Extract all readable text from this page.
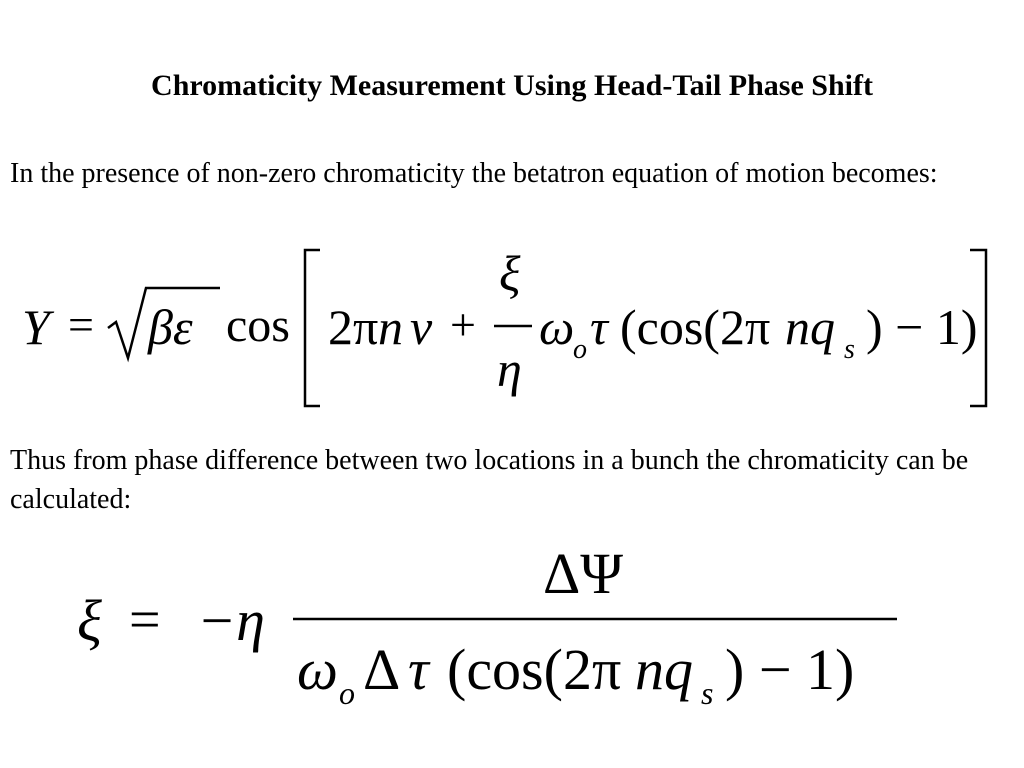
Chromaticity Measurement Using Head-Tail Phase Shift
In the presence of non-zero chromaticity the betatron equation of motion becomes:
Y = βε cos 2π n ν +
ξ
η
ω
o τ (cos(2π nq s ) − 1)
Thus from phase difference between two locations in a bunch the chromaticity can be calculated:
ξ = −η
ΔΨ
ω o Δ τ (cos(2π nq s ) − 1)
